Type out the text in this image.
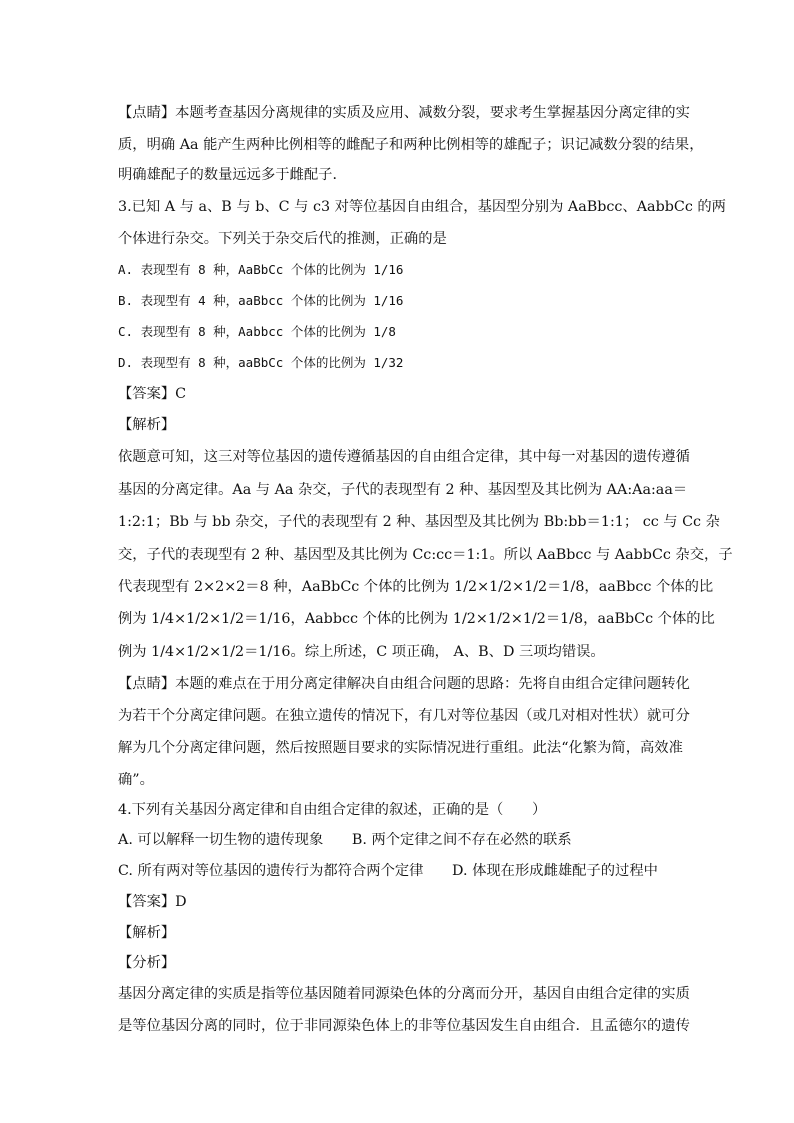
【点睛】本题考查基因分离规律的实质及应用、减数分裂，要求考生掌握基因分离定律的实
质，明确 Aa 能产生两种比例相等的雌配子和两种比例相等的雄配子；识记减数分裂的结果，
明确雄配子的数量远远多于雌配子．
3.已知 A 与 a、B 与 b、C 与 c3 对等位基因自由组合，基因型分别为 AaBbcc、AabbCc 的两
个体进行杂交。下列关于杂交后代的推测，正确的是
A. 表现型有 8 种，AaBbCc 个体的比例为 1/16
B. 表现型有 4 种，aaBbcc 个体的比例为 1/16
C. 表现型有 8 种，Aabbcc 个体的比例为 1/8
D. 表现型有 8 种，aaBbCc 个体的比例为 1/32
【答案】C
【解析】
依题意可知，这三对等位基因的遗传遵循基因的自由组合定律，其中每一对基因的遗传遵循
基因的分离定律。Aa 与 Aa 杂交，子代的表现型有 2 种、基因型及其比例为 AA:Aa:aa＝
1:2:1；Bb 与 bb 杂交，子代的表现型有 2 种、基因型及其比例为 Bb:bb＝1:1； cc 与 Cc 杂
交，子代的表现型有 2 种、基因型及其比例为 Cc:cc＝1:1。所以 AaBbcc 与 AabbCc 杂交，子
代表现型有 2×2×2＝8 种，AaBbCc 个体的比例为 1/2×1/2×1/2＝1/8，aaBbcc 个体的比
例为 1/4×1/2×1/2＝1/16，Aabbcc 个体的比例为 1/2×1/2×1/2＝1/8，aaBbCc 个体的比
例为 1/4×1/2×1/2＝1/16。综上所述，C 项正确， A、B、D 三项均错误。
【点睛】本题的难点在于用分离定律解决自由组合问题的思路：先将自由组合定律问题转化
为若干个分离定律问题。在独立遗传的情况下，有几对等位基因（或几对相对性状）就可分
解为几个分离定律问题，然后按照题目要求的实际情况进行重组。此法“化繁为简，高效准
确”。
4.下列有关基因分离定律和自由组合定律的叙述，正确的是（　　）
A. 可以解释一切生物的遗传现象　　B. 两个定律之间不存在必然的联系
C. 所有两对等位基因的遗传行为都符合两个定律　　D. 体现在形成雌雄配子的过程中
【答案】D
【解析】
【分析】
基因分离定律的实质是指等位基因随着同源染色体的分离而分开，基因自由组合定律的实质
是等位基因分离的同时，位于非同源染色体上的非等位基因发生自由组合．且孟德尔的遗传
